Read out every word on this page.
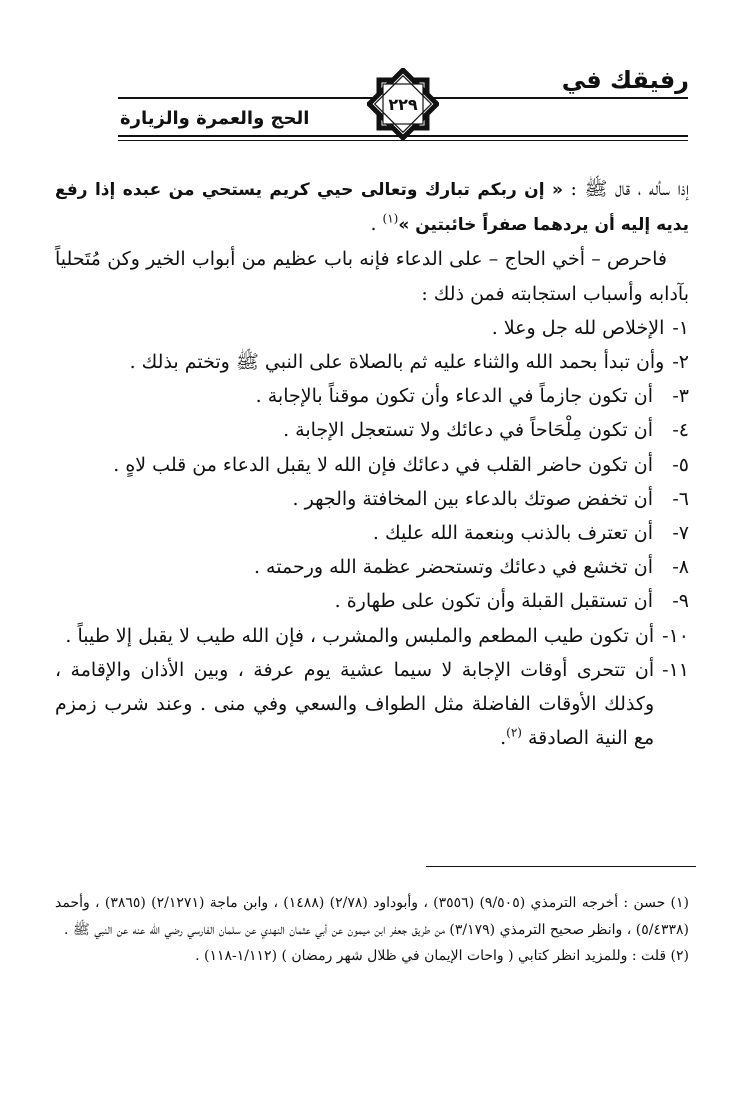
رفيقك في
الحج والعمرة والزيارة
٢٢٩

إذا سأله ، قال ﷺ : « إن ربكم تبارك وتعالى حيي كريم يستحي من عبده إذا رفع يديه إليه أن يردهما صفراً خائبتين »$^{(١)}$ .

فاحرص – أخي الحاج – على الدعاء فإنه باب عظيم من أبواب الخير وكن مُتَحلياً بآدابه وأسباب استجابته فمن ذلك :

١-
الإخلاص لله جل وعلا .
٢-
وأن تبدأ بحمد الله والثناء عليه ثم بالصلاة على النبي ﷺ وتختم بذلك .
٣-
أن تكون جازماً في الدعاء وأن تكون موقناً بالإجابة .
٤-
أن تكون مِلْحَاحاً في دعائك ولا تستعجل الإجابة .
٥-
أن تكون حاضر القلب في دعائك فإن الله لا يقبل الدعاء من قلب لاهٍ .
٦-
أن تخفض صوتك بالدعاء بين المخافتة والجهر .
٧-
أن تعترف بالذنب وبنعمة الله عليك .
٨-
أن تخشع في دعائك وتستحضر عظمة الله ورحمته .
٩-
أن تستقبل القبلة وأن تكون على طهارة .
١٠-
أن تكون طيب المطعم والملبس والمشرب ، فإن الله طيب لا يقبل إلا طيباً .
١١-
أن تتحرى أوقات الإجابة لا سيما عشية يوم عرفة ، وبين الأذان والإقامة ، وكذلك الأوقات الفاضلة مثل الطواف والسعي وفي منى . وعند شرب زمزم مع النية الصادقة $^{(٢)}$.

(١) حسن : أخرجه الترمذي (٩/٥٠٥) (٣٥٥٦) ، وأبوداود (٢/٧٨) (١٤٨٨) ، وابن ماجة (٢/١٢٧١) (٣٨٦٥) ، وأحمد (٥/٤٣٣٨) ، وانظر صحيح الترمذي (٣/١٧٩) من طريق جعفر ابن ميمون عن أبي عثمان النهدي عن سلمان الفارسي رضي الله عنه عن النبي ﷺ .

(٢) قلت : وللمزيد انظر كتابي ( واحات الإيمان في ظلال شهر رمضان ) (١/١١٢-١١٨) .
